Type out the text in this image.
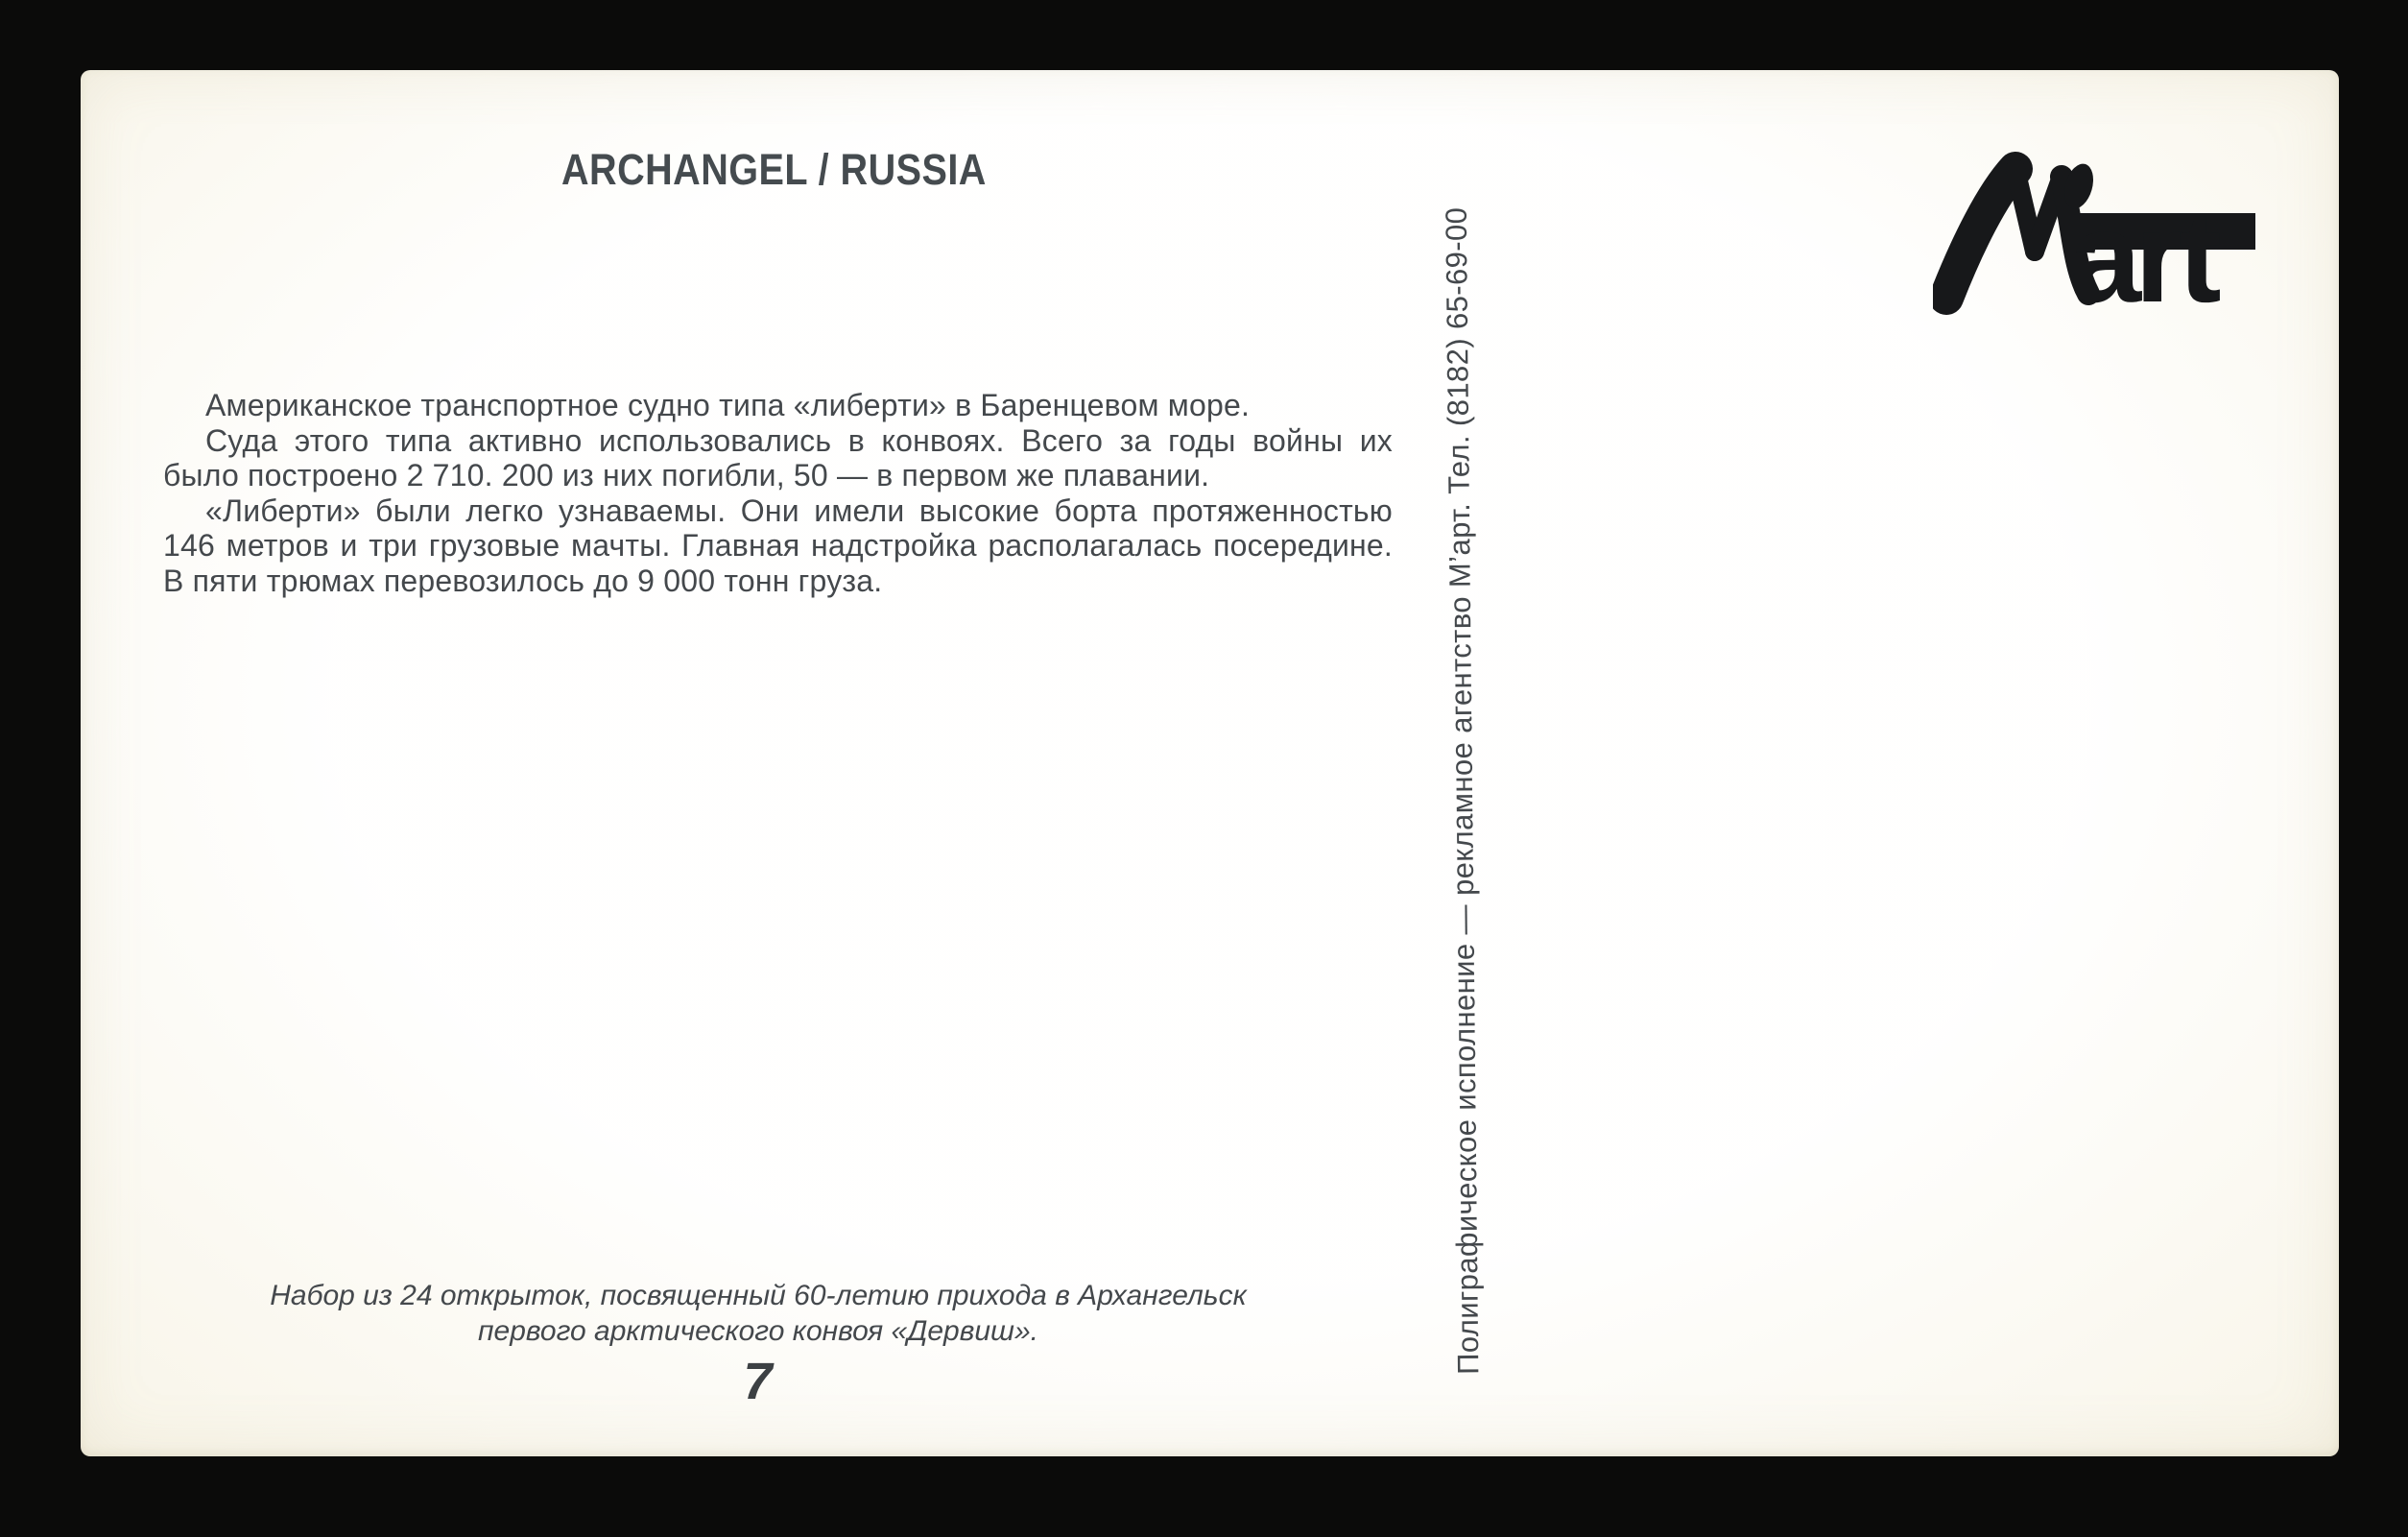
ARCHANGEL / RUSSIA
art
Американское транспортное судно типа «либерти» в Баренцевом море.
Суда этого типа активно использовались в конвоях. Всего за годы войны их
было построено 2 710. 200 из них погибли, 50 — в первом же плавании.
«Либерти» были легко узнаваемы. Они имели высокие борта протяженностью
146 метров и три грузовые мачты. Главная надстройка располагалась посередине.
В пяти трюмах перевозилось до 9 000 тонн груза.	Полиграфическое исполнение — рекламное агентство М’арт. Тел. (8182) 65-69-00
Набор из 24 открыток, посвященный 60-летию прихода в Архангельск
первого арктического конвоя «Дервиш».
7
